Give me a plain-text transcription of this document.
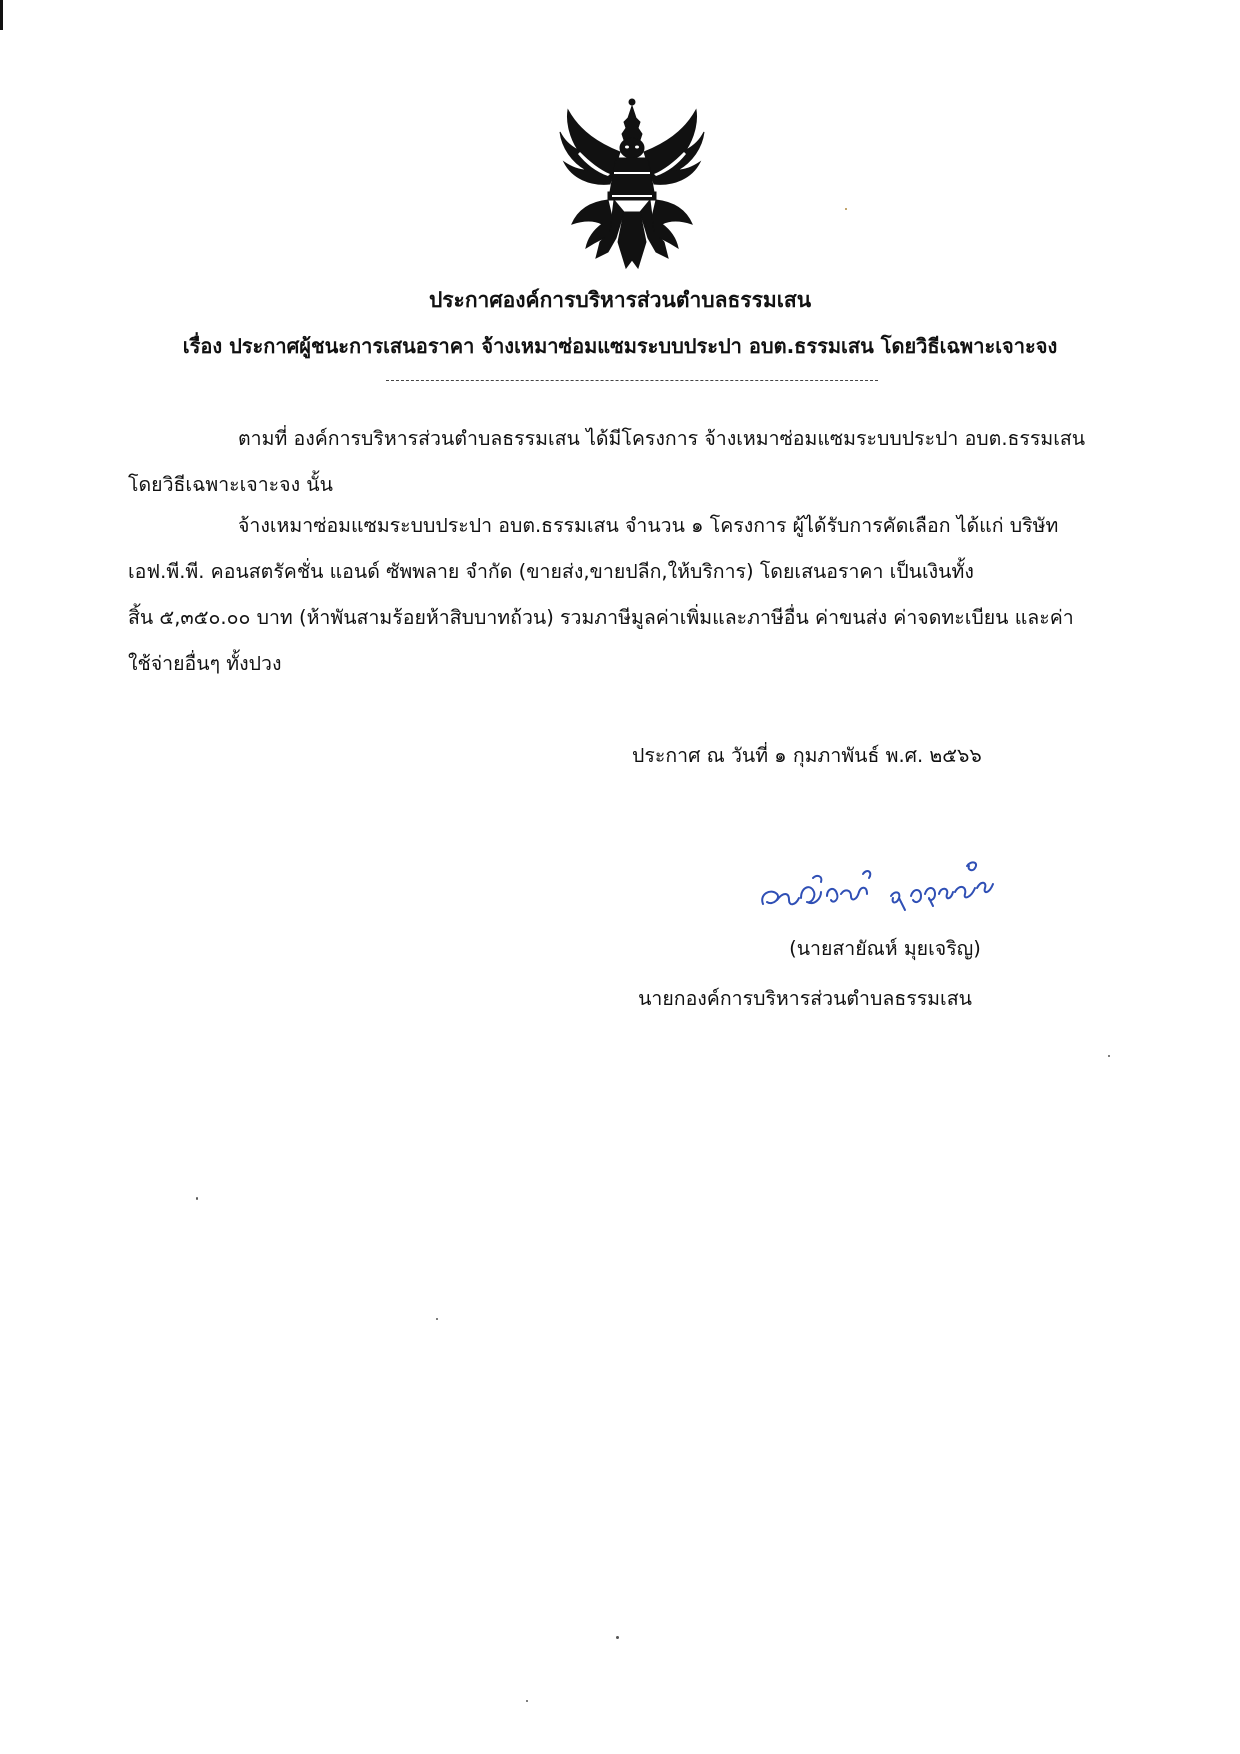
ประกาศองค์การบริหารส่วนตำบลธรรมเสน
เรื่อง ประกาศผู้ชนะการเสนอราคา จ้างเหมาซ่อมแซมระบบประปา อบต.ธรรมเสน โดยวิธีเฉพาะเจาะจง
ตามที่ องค์การบริหารส่วนตำบลธรรมเสน ได้มีโครงการ จ้างเหมาซ่อมแซมระบบประปา อบต.ธรรมเสน
โดยวิธีเฉพาะเจาะจง นั้น
จ้างเหมาซ่อมแซมระบบประปา อบต.ธรรมเสน จำนวน ๑ โครงการ ผู้ได้รับการคัดเลือก ได้แก่ บริษัท
เอฟ.พี.พี. คอนสตรัคชั่น แอนด์ ซัพพลาย จำกัด (ขายส่ง,ขายปลีก,ให้บริการ) โดยเสนอราคา เป็นเงินทั้ง
สิ้น ๕,๓๕๐.๐๐ บาท (ห้าพันสามร้อยห้าสิบบาทถ้วน) รวมภาษีมูลค่าเพิ่มและภาษีอื่น ค่าขนส่ง ค่าจดทะเบียน และค่า
ใช้จ่ายอื่นๆ ทั้งปวง
ประกาศ ณ วันที่ ๑ กุมภาพันธ์ พ.ศ. ๒๕๖๖
(นายสายัณห์ มุยเจริญ)
นายกองค์การบริหารส่วนตำบลธรรมเสน
